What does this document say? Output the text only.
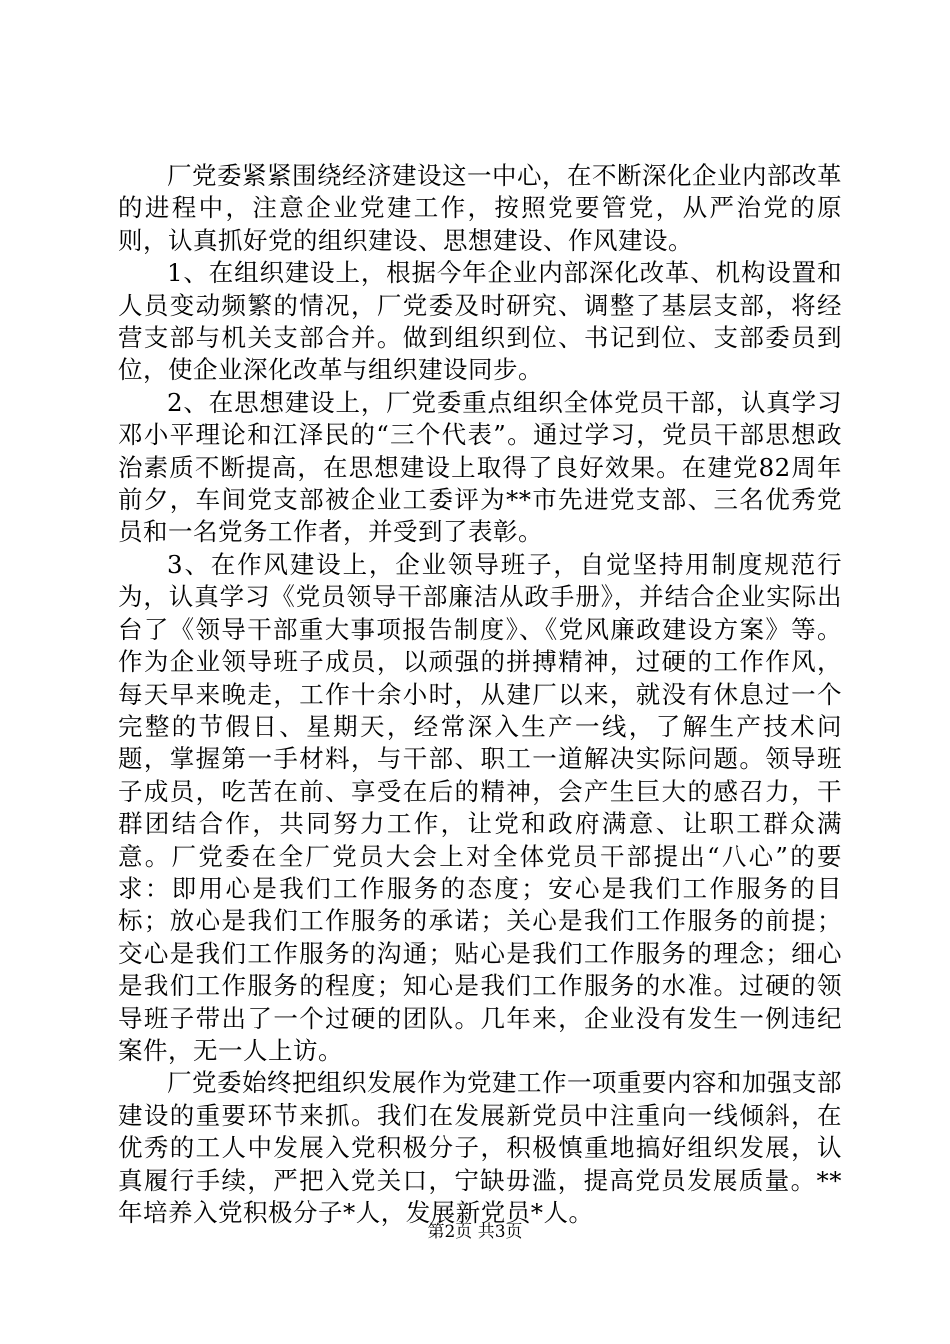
厂党委紧紧围绕经济建设这一中心，在不断深化企业内部改革的进程中，注意企业党建工作，按照党要管党，从严治党的原则，认真抓好党的组织建设、思想建设、作风建设。

1、在组织建设上，根据今年企业内部深化改革、机构设置和人员变动频繁的情况，厂党委及时研究、调整了基层支部，将经营支部与机关支部合并。做到组织到位、书记到位、支部委员到位，使企业深化改革与组织建设同步。

2、在思想建设上，厂党委重点组织全体党员干部，认真学习邓小平理论和江泽民的“三个代表”。通过学习，党员干部思想政治素质不断提高，在思想建设上取得了良好效果。在建党82周年前夕，车间党支部被企业工委评为**市先进党支部、三名优秀党员和一名党务工作者，并受到了表彰。

3、在作风建设上，企业领导班子，自觉坚持用制度规范行为，认真学习《党员领导干部廉洁从政手册》，并结合企业实际出台了《领导干部重大事项报告制度》、《党风廉政建设方案》等。作为企业领导班子成员，以顽强的拼搏精神，过硬的工作作风，每天早来晚走，工作十余小时，从建厂以来，就没有休息过一个完整的节假日、星期天，经常深入生产一线，了解生产技术问题，掌握第一手材料，与干部、职工一道解决实际问题。领导班子成员，吃苦在前、享受在后的精神，会产生巨大的感召力，干群团结合作，共同努力工作，让党和政府满意、让职工群众满意。厂党委在全厂党员大会上对全体党员干部提出“八心”的要求：即用心是我们工作服务的态度；安心是我们工作服务的目标；放心是我们工作服务的承诺；关心是我们工作服务的前提；交心是我们工作服务的沟通；贴心是我们工作服务的理念；细心是我们工作服务的程度；知心是我们工作服务的水准。过硬的领导班子带出了一个过硬的团队。几年来，企业没有发生一例违纪案件，无一人上访。

厂党委始终把组织发展作为党建工作一项重要内容和加强支部建设的重要环节来抓。我们在发展新党员中注重向一线倾斜，在优秀的工人中发展入党积极分子，积极慎重地搞好组织发展，认真履行手续，严把入党关口，宁缺毋滥，提高党员发展质量。**年培养入党积极分子*人，发展新党员*人。

第2页 共3页
